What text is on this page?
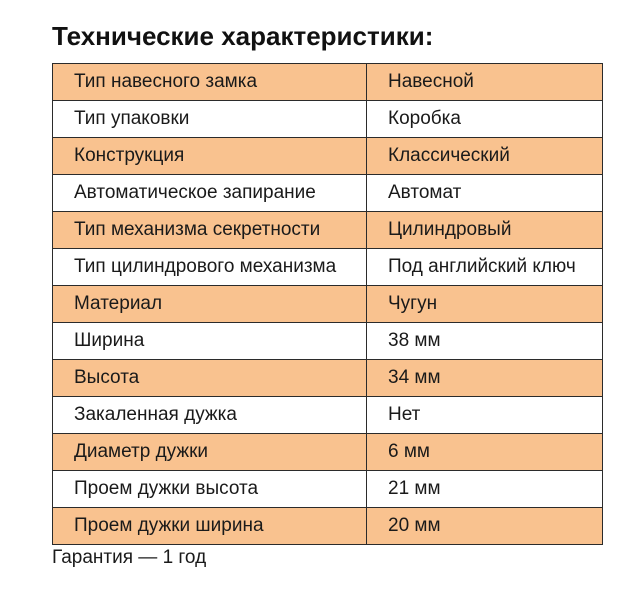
Технические характеристики:
Тип навесного замка	Навесной
Тип упаковки	Коробка
Конструкция	Классический
Автоматическое запирание	Автомат
Тип механизма секретности	Цилиндровый
Тип цилиндрового механизма	Под английский ключ
Материал	Чугун
Ширина	38 мм
Высота	34 мм
Закаленная дужка	Нет
Диаметр дужки	6 мм
Проем дужки высота	21 мм
Проем дужки ширина	20 мм
Гарантия — 1 год
